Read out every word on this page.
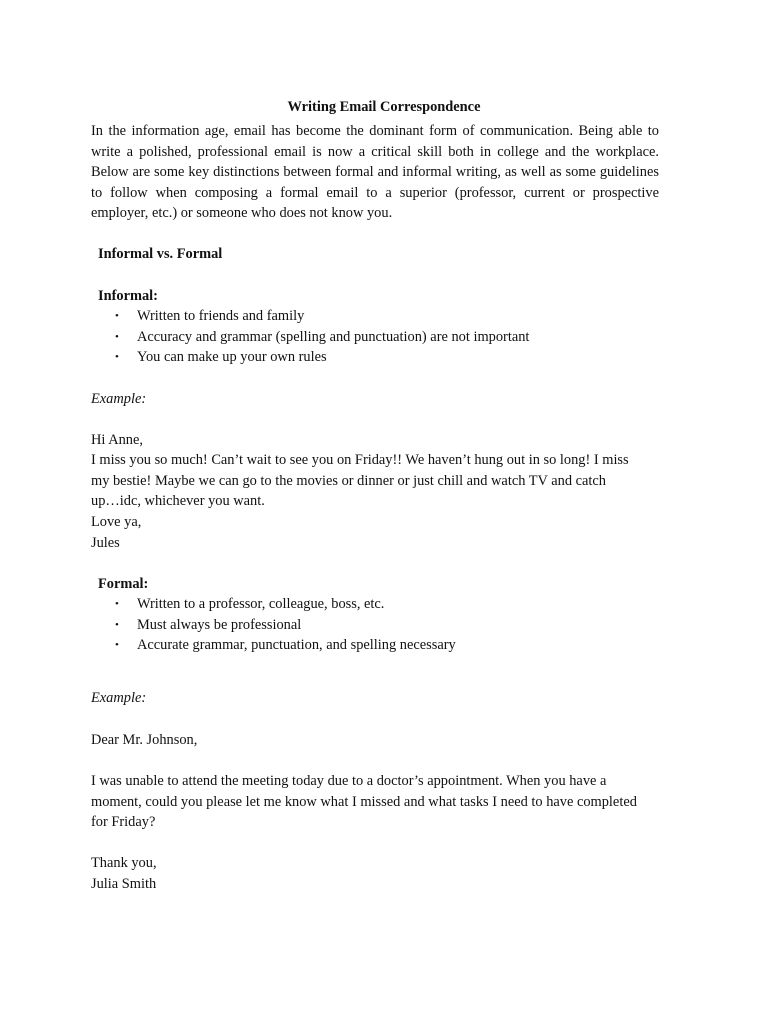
Writing Email Correspondence

In the information age, email has become the dominant form of communication. Being able to write a polished, professional email is now a critical skill both in college and the workplace. Below are some key distinctions between formal and informal writing, as well as some guidelines to follow when composing a formal email to a superior (professor, current or prospective employer, etc.) or someone who does not know you.

Informal vs. Formal
Informal:
• Written to friends and family
• Accuracy and grammar (spelling and punctuation) are not important
• You can make up your own rules
Example:
Hi Anne,
I miss you so much! Can’t wait to see you on Friday!! We haven’t hung out in so long! I miss
my bestie! Maybe we can go to the movies or dinner or just chill and watch TV and catch
up…idc, whichever you want.
Love ya,
Jules
Formal:
• Written to a professor, colleague, boss, etc.
• Must always be professional
• Accurate grammar, punctuation, and spelling necessary
Example:
Dear Mr. Johnson,
I was unable to attend the meeting today due to a doctor’s appointment. When you have a
moment, could you please let me know what I missed and what tasks I need to have completed
for Friday?
Thank you,
Julia Smith
